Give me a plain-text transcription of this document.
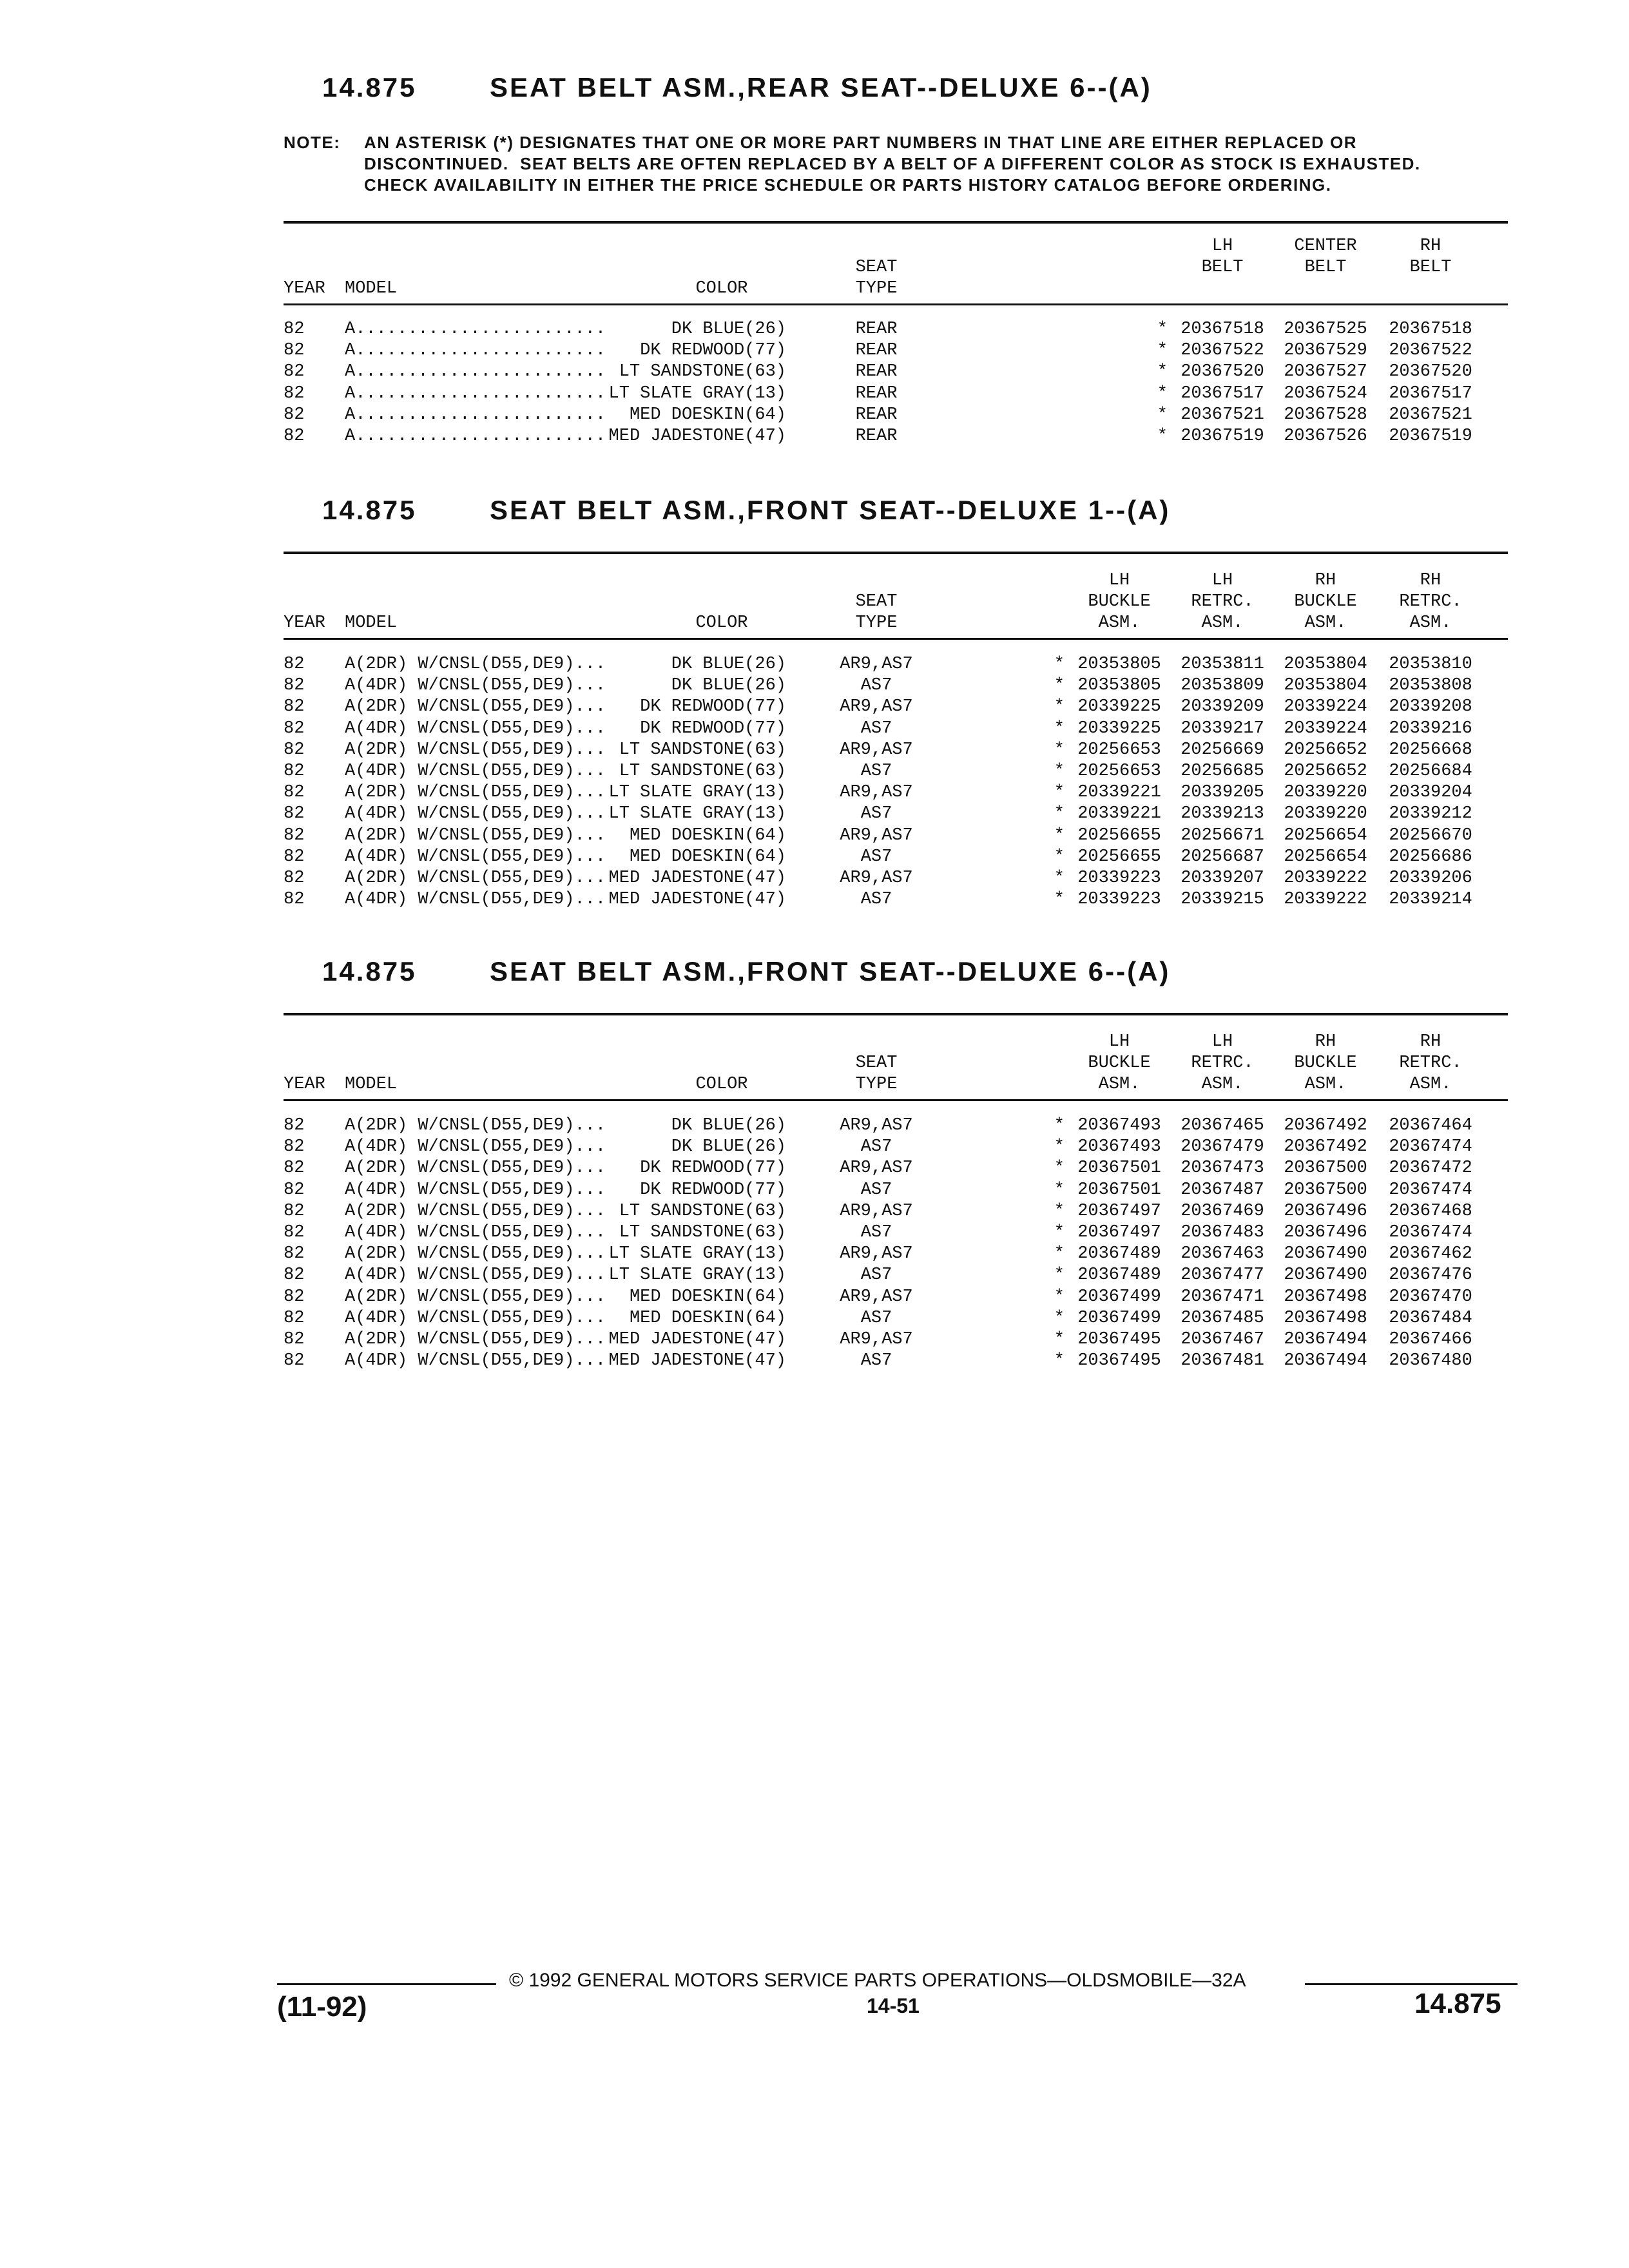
14.875	SEAT BELT ASM.,REAR SEAT--DELUXE 6--(A)
YEAR MODEL	COLOR
SEAT
TYPE
LH
BELT
CENTER
BELT
RH
BELT
82 A........................	DK BLUE(26)	REAR	* 20367518 20367525 20367518
82 A........................	DK REDWOOD(77)	REAR	* 20367522 20367529 20367522
82 A........................ LT SANDSTONE(63)	REAR	* 20367520 20367527 20367520
82 A........................ LT SLATE GRAY(13)	REAR	* 20367517 20367524 20367517
82 A........................	MED DOESKIN(64)	REAR	* 20367521 20367528 20367521
82 A........................ MED JADESTONE(47)	REAR	* 20367519 20367526 20367519
14.875	SEAT BELT ASM.,FRONT SEAT--DELUXE 1--(A)
YEAR MODEL	COLOR
SEAT
TYPE
LH
BUCKLE
ASM.
LH
RETRC.
ASM.
RH
BUCKLE
ASM.
RH
RETRC.
ASM.
82 A(2DR) W/CNSL(D55,DE9)...	DK BLUE(26)	AR9,AS7	* 20353805 20353811 20353804 20353810
82 A(4DR) W/CNSL(D55,DE9)...	DK BLUE(26)	AS7	* 20353805 20353809 20353804 20353808
82 A(2DR) W/CNSL(D55,DE9)...	DK REDWOOD(77)	AR9,AS7	* 20339225 20339209 20339224 20339208
82 A(4DR) W/CNSL(D55,DE9)...	DK REDWOOD(77)	AS7	* 20339225 20339217 20339224 20339216
82 A(2DR) W/CNSL(D55,DE9)... LT SANDSTONE(63)	AR9,AS7	* 20256653 20256669 20256652 20256668
82 A(4DR) W/CNSL(D55,DE9)... LT SANDSTONE(63)	AS7	* 20256653 20256685 20256652 20256684
82 A(2DR) W/CNSL(D55,DE9)... LT SLATE GRAY(13)	AR9,AS7	* 20339221 20339205 20339220 20339204
82 A(4DR) W/CNSL(D55,DE9)... LT SLATE GRAY(13)	AS7	* 20339221 20339213 20339220 20339212
82 A(2DR) W/CNSL(D55,DE9)...	MED DOESKIN(64)	AR9,AS7	* 20256655 20256671 20256654 20256670
82 A(4DR) W/CNSL(D55,DE9)...	MED DOESKIN(64)	AS7	* 20256655 20256687 20256654 20256686
82 A(2DR) W/CNSL(D55,DE9)... MED JADESTONE(47)	AR9,AS7	* 20339223 20339207 20339222 20339206
82 A(4DR) W/CNSL(D55,DE9)... MED JADESTONE(47)	AS7	* 20339223 20339215 20339222 20339214
14.875	SEAT BELT ASM.,FRONT SEAT--DELUXE 6--(A)
YEAR MODEL	COLOR
SEAT
TYPE
LH
BUCKLE
ASM.
LH
RETRC.
ASM.
RH
BUCKLE
ASM.
RH
RETRC.
ASM.
82 A(2DR) W/CNSL(D55,DE9)...	DK BLUE(26)	AR9,AS7	* 20367493 20367465 20367492 20367464
82 A(4DR) W/CNSL(D55,DE9)...	DK BLUE(26)	AS7	* 20367493 20367479 20367492 20367474
82 A(2DR) W/CNSL(D55,DE9)...	DK REDWOOD(77)	AR9,AS7	* 20367501 20367473 20367500 20367472
82 A(4DR) W/CNSL(D55,DE9)...	DK REDWOOD(77)	AS7	* 20367501 20367487 20367500 20367474
82 A(2DR) W/CNSL(D55,DE9)... LT SANDSTONE(63)	AR9,AS7	* 20367497 20367469 20367496 20367468
82 A(4DR) W/CNSL(D55,DE9)... LT SANDSTONE(63)	AS7	* 20367497 20367483 20367496 20367474
82 A(2DR) W/CNSL(D55,DE9)... LT SLATE GRAY(13)	AR9,AS7	* 20367489 20367463 20367490 20367462
82 A(4DR) W/CNSL(D55,DE9)... LT SLATE GRAY(13)	AS7	* 20367489 20367477 20367490 20367476
82 A(2DR) W/CNSL(D55,DE9)...	MED DOESKIN(64)	AR9,AS7	* 20367499 20367471 20367498 20367470
82 A(4DR) W/CNSL(D55,DE9)...	MED DOESKIN(64)	AS7	* 20367499 20367485 20367498 20367484
82 A(2DR) W/CNSL(D55,DE9)... MED JADESTONE(47)	AR9,AS7	* 20367495 20367467 20367494 20367466
82 A(4DR) W/CNSL(D55,DE9)... MED JADESTONE(47)	AS7	* 20367495 20367481 20367494 20367480
NOTE: AN ASTERISK (*) DESIGNATES THAT ONE OR MORE PART NUMBERS IN THAT LINE ARE EITHER REPLACED OR
DISCONTINUED.  SEAT BELTS ARE OFTEN REPLACED BY A BELT OF A DIFFERENT COLOR AS STOCK IS EXHAUSTED.
CHECK AVAILABILITY IN EITHER THE PRICE SCHEDULE OR PARTS HISTORY CATALOG BEFORE ORDERING.
© 1992 GENERAL MOTORS SERVICE PARTS OPERATIONS—OLDSMOBILE—32A
(11-92)	14-51	14.875
